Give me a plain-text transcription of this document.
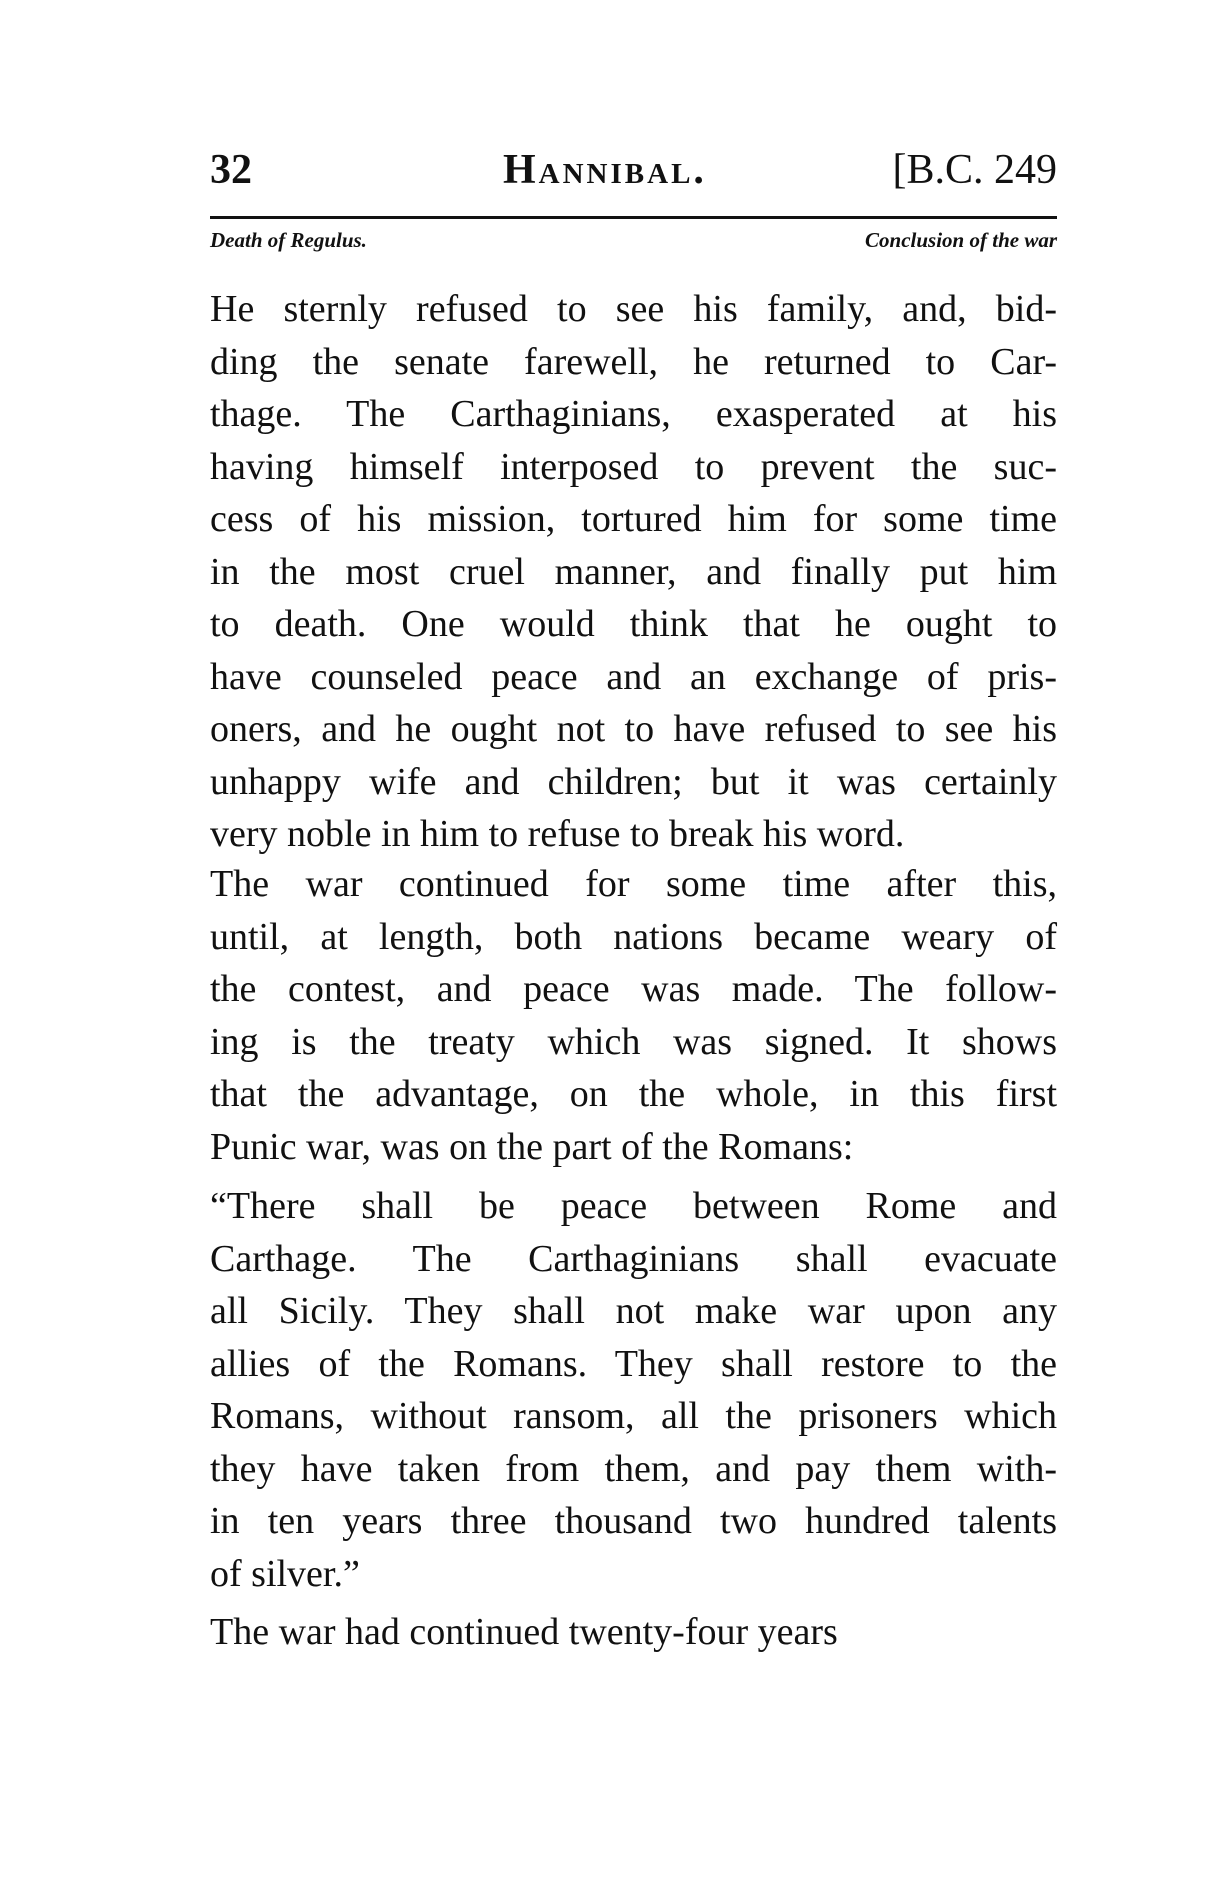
32	Hannibal.	[B.C. 249
Death of Regulus.	Conclusion of the war
He sternly refused to see his family, and, bid-
ding the senate farewell, he returned to Car-
thage. The Carthaginians, exasperated at his
having himself interposed to prevent the suc-
cess of his mission, tortured him for some time
in the most cruel manner, and finally put him
to death. One would think that he ought to
have counseled peace and an exchange of pris-
oners, and he ought not to have refused to see his
unhappy wife and children; but it was certainly
very noble in him to refuse to break his word.
The war continued for some time after this,
until, at length, both nations became weary of
the contest, and peace was made. The follow-
ing is the treaty which was signed. It shows
that the advantage, on the whole, in this first
Punic war, was on the part of the Romans:
“There shall be peace between Rome and
Carthage. The Carthaginians shall evacuate
all Sicily. They shall not make war upon any
allies of the Romans. They shall restore to the
Romans, without ransom, all the prisoners which
they have taken from them, and pay them with-
in ten years three thousand two hundred talents
of silver.”
The war had continued twenty-four years
